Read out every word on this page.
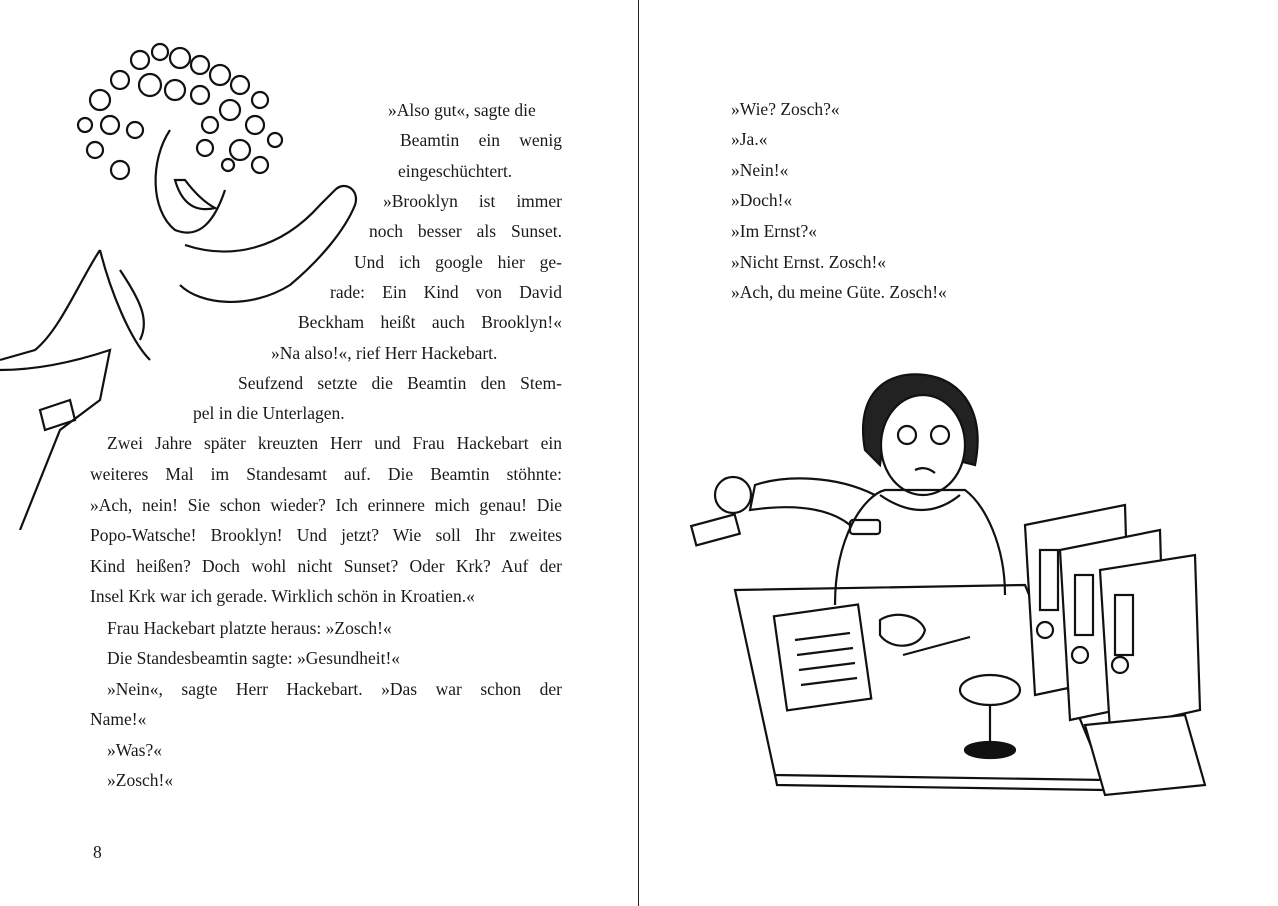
»Also gut«, sagte die
Beamtin ein wenig
eingeschüchtert.
»Brooklyn ist immer
noch besser als Sunset.
Und ich google hier ge-
rade: Ein Kind von David
Beckham heißt auch Brooklyn!«
»Na also!«, rief Herr Hackebart.
Seufzend setzte die Beamtin den Stem-
pel in die Unterlagen.
Zwei Jahre später kreuzten Herr und Frau Hackebart ein
weiteres Mal im Standesamt auf. Die Beamtin stöhnte:
»Ach, nein! Sie schon wieder? Ich erinnere mich genau! Die
Popo-Watsche! Brooklyn! Und jetzt? Wie soll Ihr zweites
Kind heißen? Doch wohl nicht Sunset? Oder Krk? Auf der
Insel Krk war ich gerade. Wirklich schön in Kroatien.«
Frau Hackebart platzte heraus: »Zosch!«
Die Standesbeamtin sagte: »Gesundheit!«
»Nein«, sagte Herr Hackebart. »Das war schon der
Name!«
»Was?«
»Zosch!«
8
»Wie? Zosch?«
»Ja.«
»Nein!«
»Doch!«
»Im Ernst?«
»Nicht Ernst. Zosch!«
»Ach, du meine Güte. Zosch!«
